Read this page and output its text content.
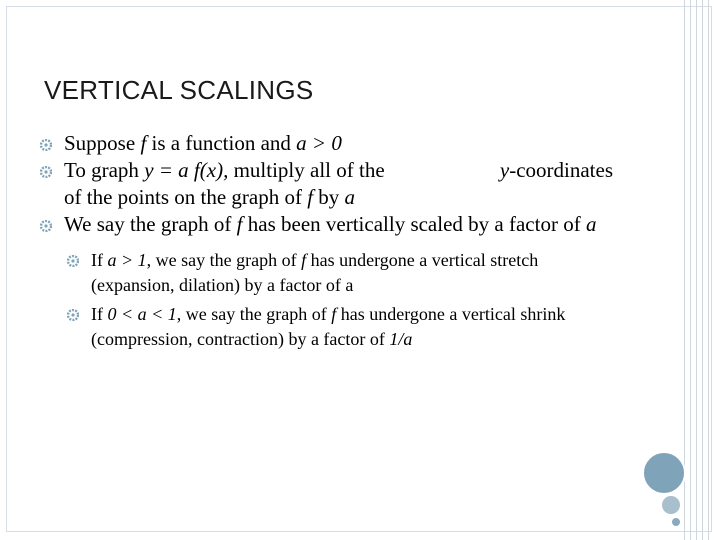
VERTICAL SCALINGS
Suppose f is a function and a > 0
To graph y = a f(x), multiply all of the	y-coordinates of the points on the graph of f by a
We say the graph of f has been vertically scaled by a factor of a
If a > 1, we say the graph of f has undergone a vertical stretch (expansion, dilation) by a factor of a
If 0 < a < 1, we say the graph of f has undergone a vertical shrink (compression, contraction) by a factor of 1/a
